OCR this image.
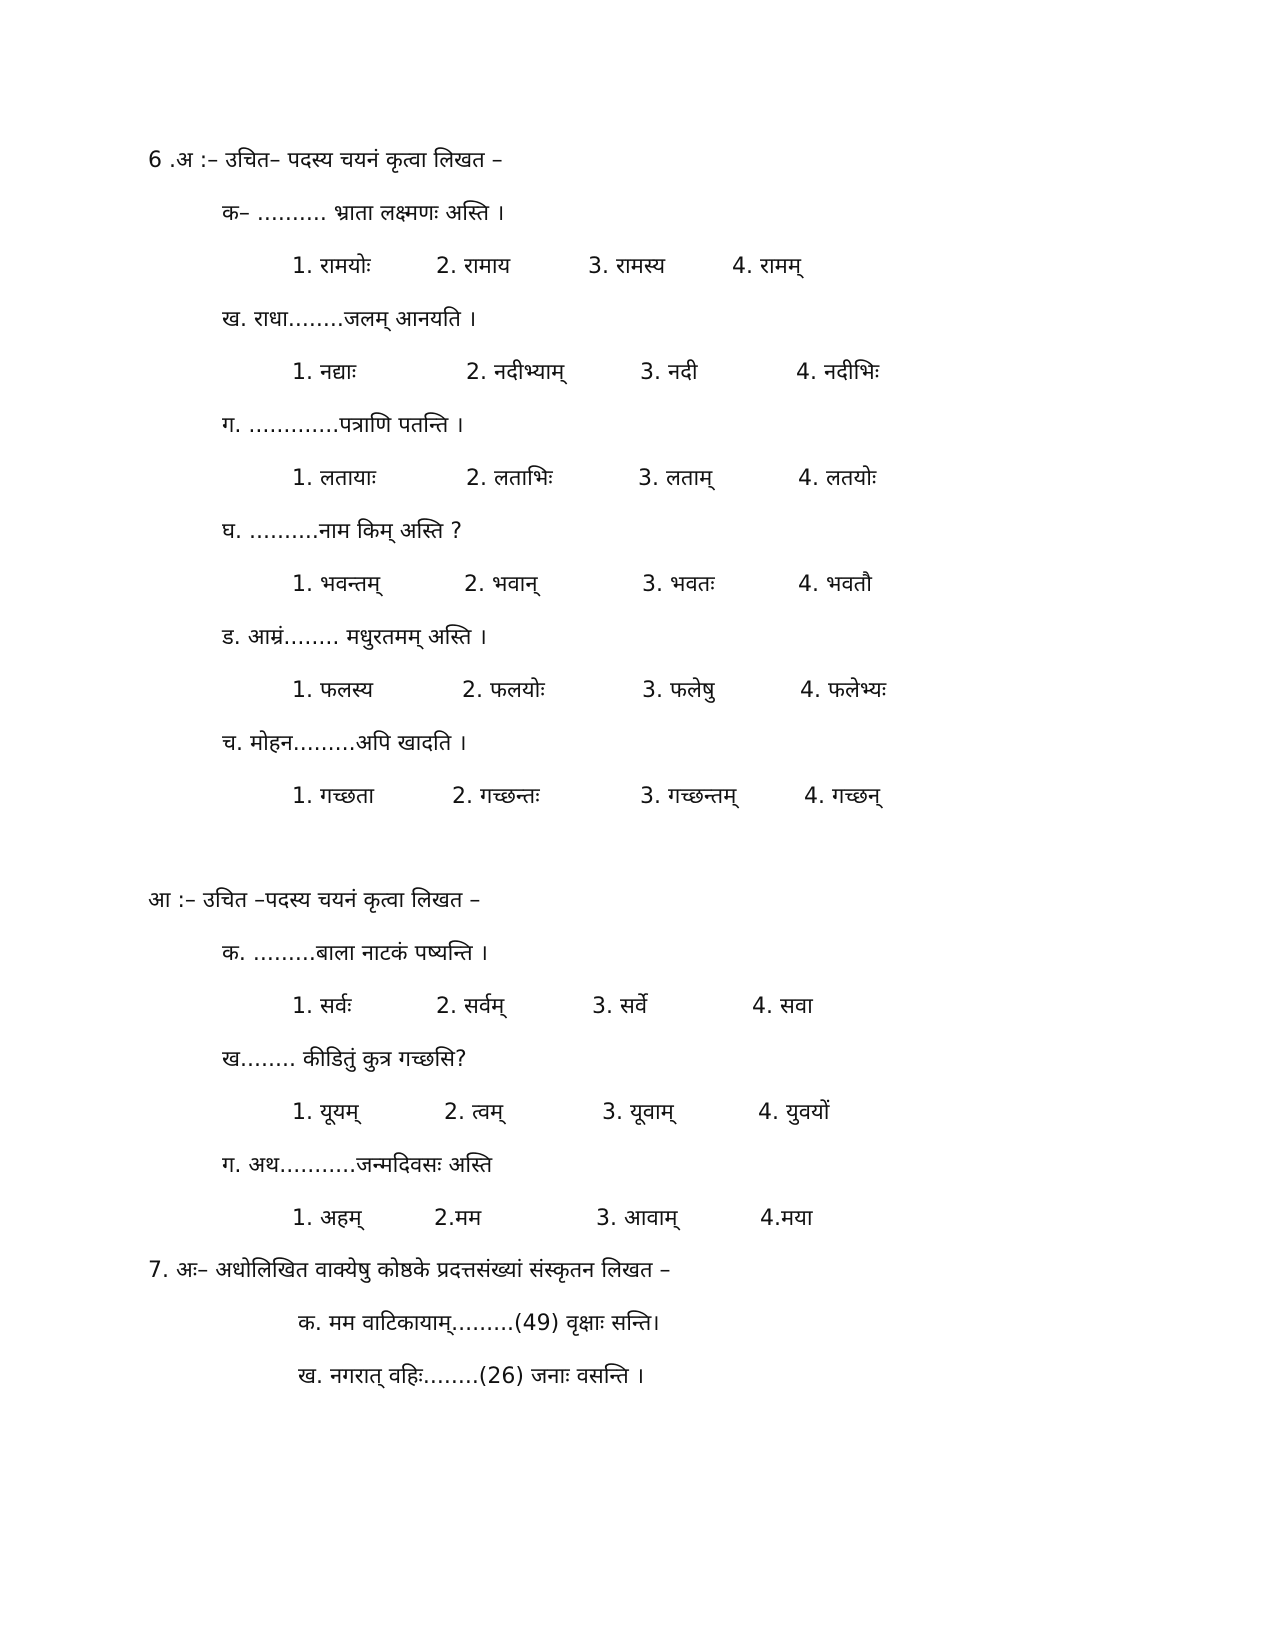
6 .अ :– उचित– पदस्य चयनं कृत्वा लिखत –
क– .......... भ्राता लक्ष्मणः अस्ति ।
1. रामयोः	2. रामाय	3. रामस्य	4. रामम्
ख. राधा........जलम् आनयति ।
1. नद्याः	2. नदीभ्याम्	3. नदी	4. नदीभिः
ग. .............पत्राणि पतन्ति ।
1. लतायाः	2. लताभिः	3. लताम्	4. लतयोः
घ. ..........नाम किम् अस्ति ?
1. भवन्तम्	2. भवान्	3. भवतः	4. भवतौ
ड. आम्रं........ मधुरतमम् अस्ति ।
1. फलस्य	2. फलयोः	3. फलेषु	4. फलेभ्यः
च. मोहन.........अपि खादति ।
1. गच्छता	2. गच्छन्तः	3. गच्छन्तम्	4. गच्छन्
आ :– उचित –पदस्य चयनं कृत्वा लिखत –
क. .........बाला नाटकं पष्यन्ति ।
1. सर्वः	2. सर्वम्	3. सर्वे	4. सवा
ख........ कीडितुं कुत्र गच्छसि?
1. यूयम्	2. त्वम्	3. यूवाम्	4. युवयों
ग. अथ...........जन्मदिवसः अस्ति
1. अहम्	2.मम	3. आवाम्	4.मया
7. अः– अधोलिखित वाक्येषु कोष्ठके प्रदत्तसंख्यां संस्कृतन लिखत –
क. मम वाटिकायाम्.........(49) वृक्षाः सन्ति।
ख. नगरात् वहिः........(26) जनाः वसन्ति ।
